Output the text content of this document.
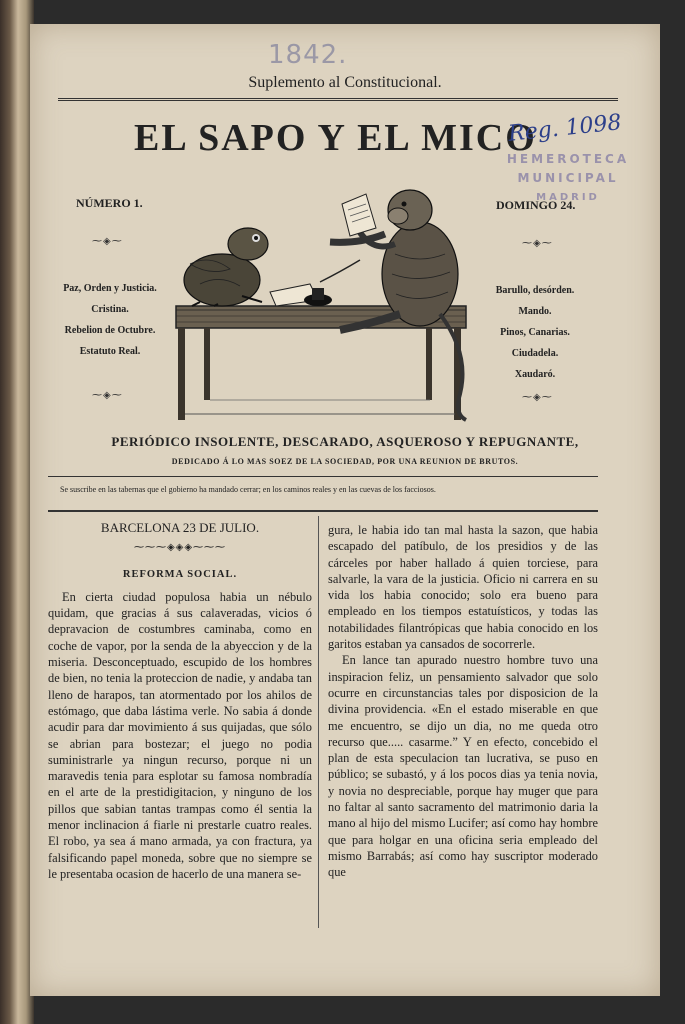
1842.
Suplemento al Constitucional.
EL SAPO Y EL MICO
Reg. 1098
HEMEROTECA
MUNICIPAL
MADRID
NÚMERO 1.	DOMINGO 24.
⁓◈⁓	⁓◈⁓
⁓◈⁓	⁓◈⁓
Paz, Orden y Justicia.
Cristina.
Rebelion de Octubre.
Estatuto Real.
Barullo, desórden.
Mando.
Pinos, Canarias.
Ciudadela.
Xaudaró.
PERIÓDICO INSOLENTE, DESCARADO, ASQUEROSO Y REPUGNANTE,
DEDICADO Á LO MAS SOEZ DE LA SOCIEDAD, POR UNA REUNION DE BRUTOS.
Se suscribe en las tabernas que el gobierno ha mandado cerrar; en los caminos reales y en las cuevas de los facciosos.
BARCELONA 23 DE JULIO.
⁓⁓⁓◈◈◈⁓⁓⁓
REFORMA SOCIAL.

En cierta ciudad populosa habia un nébulo quidam, que gracias á sus calaveradas, vicios ó depravacion de costumbres caminaba, como en coche de vapor, por la senda de la abyeccion y de la miseria. Desconceptuado, escupido de los hombres de bien, no tenia la proteccion de nadie, y andaba tan lleno de harapos, tan atormentado por los ahilos de estómago, que daba lástima verle. No sabia á donde acudir para dar movimiento á sus quijadas, que sólo se abrian para bostezar; el juego no podia suministrarle ya ningun recurso, porque ni un maravedis tenia para esplotar su famosa nombradía en el arte de la prestidigitacion, y ninguno de los pillos que sabian tantas trampas como él sentia la menor inclinacion á fiarle ni prestarle cuatro reales. El robo, ya sea á mano armada, ya con fractura, ya falsificando papel moneda, sobre que no siempre se le presentaba ocasion de hacerlo de una manera se-

gura, le habia ido tan mal hasta la sazon, que habia escapado del patíbulo, de los presidios y de las cárceles por haber hallado á quien torciese, para salvarle, la vara de la justicia. Oficio ni carrera en su vida los habia conocido; solo era bueno para empleado en los tiempos estatuísticos, y todas las notabilidades filantrópicas que habia conocido en los garitos estaban ya cansados de socorrerle.

En lance tan apurado nuestro hombre tuvo una inspiracion feliz, un pensamiento salvador que solo ocurre en circunstancias tales por disposicion de la divina providencia. «En el estado miserable en que me encuentro, se dijo un dia, no me queda otro recurso que..... casarme.” Y en efecto, concebido el plan de esta speculacion tan lucrativa, se puso en público; se subastó, y á los pocos dias ya tenia novia, y novia no despreciable, porque hay muger que para no faltar al santo sacramento del matrimonio daria la mano al hijo del mismo Lucifer; así como hay hombre que para holgar en una oficina seria empleado del mismo Barrabás; así como hay suscriptor moderado que
